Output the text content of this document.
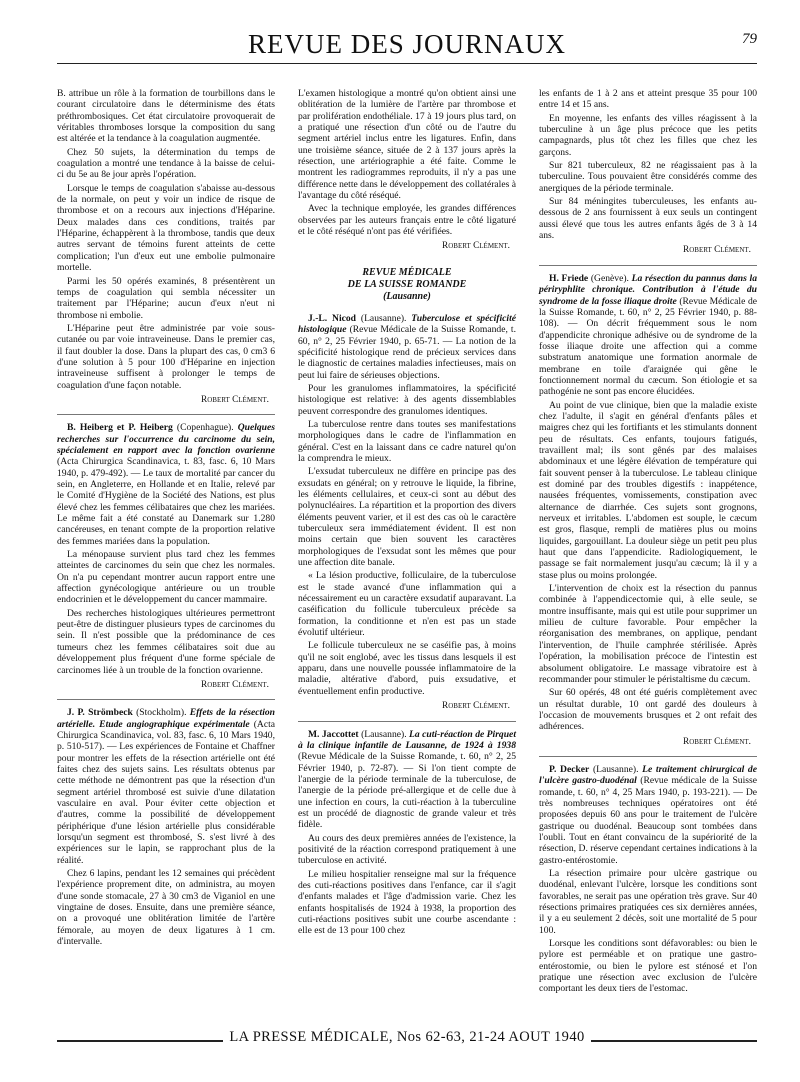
REVUE DES JOURNAUX	79

B. attribue un rôle à la formation de tourbillons dans le courant circulatoire dans le déterminisme des états préthrombosiques. Cet état circulatoire provoquerait de véritables thromboses lorsque la composition du sang est altérée et la tendance à la coagulation augmentée.

Chez 50 sujets, la détermination du temps de coagulation a montré une tendance à la baisse de celui-ci du 5e au 8e jour après l'opération.

Lorsque le temps de coagulation s'abaisse au-dessous de la normale, on peut y voir un indice de risque de thrombose et on a recours aux injections d'Héparine. Deux malades dans ces conditions, traités par l'Héparine, échappèrent à la thrombose, tandis que deux autres servant de témoins furent atteints de cette complication; l'un d'eux eut une embolie pulmonaire mortelle.

Parmi les 50 opérés examinés, 8 présentèrent un temps de coagulation qui sembla nécessiter un traitement par l'Héparine; aucun d'eux n'eut ni thrombose ni embolie.

L'Héparine peut être administrée par voie sous-cutanée ou par voie intraveineuse. Dans le premier cas, il faut doubler la dose. Dans la plupart des cas, 0 cm3 6 d'une solution à 5 pour 100 d'Héparine en injection intraveineuse suffisent à prolonger le temps de coagulation d'une façon notable.

Robert Clément.

B. Heiberg et P. Heiberg (Copenhague). Quelques recherches sur l'occurrence du carcinome du sein, spécialement en rapport avec la fonction ovarienne (Acta Chirurgica Scandinavica, t. 83, fasc. 6, 10 Mars 1940, p. 479-492). — Le taux de mortalité par cancer du sein, en Angleterre, en Hollande et en Italie, relevé par le Comité d'Hygiène de la Société des Nations, est plus élevé chez les femmes célibataires que chez les mariées. Le même fait a été constaté au Danemark sur 1.280 cancéreuses, en tenant compte de la proportion relative des femmes mariées dans la population.

La ménopause survient plus tard chez les femmes atteintes de carcinomes du sein que chez les normales. On n'a pu cependant montrer aucun rapport entre une affection gynécologique antérieure ou un trouble endocrinien et le développement du cancer mammaire.

Des recherches histologiques ultérieures permettront peut-être de distinguer plusieurs types de carcinomes du sein. Il n'est possible que la prédominance de ces tumeurs chez les femmes célibataires soit due au développement plus fréquent d'une forme spéciale de carcinomes liée à un trouble de la fonction ovarienne.

Robert Clément.

J. P. Strömbeck (Stockholm). Effets de la résection artérielle. Etude angiographique expérimentale (Acta Chirurgica Scandinavica, vol. 83, fasc. 6, 10 Mars 1940, p. 510-517). — Les expériences de Fontaine et Chaffner pour montrer les effets de la résection artérielle ont été faites chez des sujets sains. Les résultats obtenus par cette méthode ne démontrent pas que la résection d'un segment artériel thrombosé est suivie d'une dilatation vasculaire en aval. Pour éviter cette objection et d'autres, comme la possibilité de développement périphérique d'une lésion artérielle plus considérable lorsqu'un segment est thrombosé, S. s'est livré à des expériences sur le lapin, se rapprochant plus de la réalité.

Chez 6 lapins, pendant les 12 semaines qui précèdent l'expérience proprement dite, on administra, au moyen d'une sonde stomacale, 27 à 30 cm3 de Viganiol en une vingtaine de doses. Ensuite, dans une première séance, on a provoqué une oblitération limitée de l'artère fémorale, au moyen de deux ligatures à 1 cm. d'intervalle.

L'examen histologique a montré qu'on obtient ainsi une oblitération de la lumière de l'artère par thrombose et par prolifération endothéliale. 17 à 19 jours plus tard, on a pratiqué une résection d'un côté ou de l'autre du segment artériel inclus entre les ligatures. Enfin, dans une troisième séance, située de 2 à 137 jours après la résection, une artériographie a été faite. Comme le montrent les radiogrammes reproduits, il n'y a pas une différence nette dans le développement des collatérales à l'avantage du côté réséqué.

Avec la technique employée, les grandes différences observées par les auteurs français entre le côté ligaturé et le côté réséqué n'ont pas été vérifiées.

Robert Clément.

REVUE MÉDICALE
DE LA SUISSE ROMANDE
(Lausanne)

J.-L. Nicod (Lausanne). Tuberculose et spécificité histologique (Revue Médicale de la Suisse Romande, t. 60, n° 2, 25 Février 1940, p. 65-71. — La notion de la spécificité histologique rend de précieux services dans le diagnostic de certaines maladies infectieuses, mais on peut lui faire de sérieuses objections.

Pour les granulomes inflammatoires, la spécificité histologique est relative: à des agents dissemblables peuvent correspondre des granulomes identiques.

La tuberculose rentre dans toutes ses manifestations morphologiques dans le cadre de l'inflammation en général. C'est en la laissant dans ce cadre naturel qu'on la comprendra le mieux.

L'exsudat tuberculeux ne diffère en principe pas des exsudats en général; on y retrouve le liquide, la fibrine, les éléments cellulaires, et ceux-ci sont au début des polynucléaires. La répartition et la proportion des divers éléments peuvent varier, et il est des cas où le caractère tuberculeux sera immédiatement évident. Il est non moins certain que bien souvent les caractères morphologiques de l'exsudat sont les mêmes que pour une affection dite banale.

« La lésion productive, folliculaire, de la tuberculose est le stade avancé d'une inflammation qui a nécessairement eu un caractère exsudatif auparavant. La caséification du follicule tuberculeux précède sa formation, la conditionne et n'en est pas un stade évolutif ultérieur.

Le follicule tuberculeux ne se caséifie pas, à moins qu'il ne soit englobé, avec les tissus dans lesquels il est apparu, dans une nouvelle poussée inflammatoire de la maladie, altérative d'abord, puis exsudative, et éventuellement enfin productive.

Robert Clément.

M. Jaccottet (Lausanne). La cuti-réaction de Pirquet à la clinique infantile de Lausanne, de 1924 à 1938 (Revue Médicale de la Suisse Romande, t. 60, n° 2, 25 Février 1940, p. 72-87). — Si l'on tient compte de l'anergie de la période terminale de la tuberculose, de l'anergie de la période pré-allergique et de celle due à une infection en cours, la cuti-réaction à la tuberculine est un procédé de diagnostic de grande valeur et très fidèle.

Au cours des deux premières années de l'existence, la positivité de la réaction correspond pratiquement à une tuberculose en activité.

Le milieu hospitalier renseigne mal sur la fréquence des cuti-réactions positives dans l'enfance, car il s'agit d'enfants malades et l'âge d'admission varie. Chez les enfants hospitalisés de 1924 à 1938, la proportion des cuti-réactions positives subit une courbe ascendante : elle est de 13 pour 100 chez

les enfants de 1 à 2 ans et atteint presque 35 pour 100 entre 14 et 15 ans.

En moyenne, les enfants des villes réagissent à la tuberculine à un âge plus précoce que les petits campagnards, plus tôt chez les filles que chez les garçons.

Sur 821 tuberculeux, 82 ne réagissaient pas à la tuberculine. Tous pouvaient être considérés comme des anergiques de la période terminale.

Sur 84 méningites tuberculeuses, les enfants au-dessous de 2 ans fournissent à eux seuls un contingent aussi élevé que tous les autres enfants âgés de 3 à 14 ans.

Robert Clément.

H. Friede (Genève). La résection du pannus dans la périryphlite chronique. Contribution à l'étude du syndrome de la fosse iliaque droite (Revue Médicale de la Suisse Romande, t. 60, n° 2, 25 Février 1940, p. 88-108). — On décrit fréquemment sous le nom d'appendicite chronique adhésive ou de syndrome de la fosse iliaque droite une affection qui a comme substratum anatomique une formation anormale de membrane en toile d'araignée qui gêne le fonctionnement normal du cæcum. Son étiologie et sa pathogénie ne sont pas encore élucidées.

Au point de vue clinique, bien que la maladie existe chez l'adulte, il s'agit en général d'enfants pâles et maigres chez qui les fortifiants et les stimulants donnent peu de résultats. Ces enfants, toujours fatigués, travaillent mal; ils sont gênés par des malaises abdominaux et une légère élévation de température qui fait souvent penser à la tuberculose. Le tableau clinique est dominé par des troubles digestifs : inappétence, nausées fréquentes, vomissements, constipation avec alternance de diarrhée. Ces sujets sont grognons, nerveux et irritables. L'abdomen est souple, le cæcum est gros, flasque, rempli de matières plus ou moins liquides, gargouillant. La douleur siège un petit peu plus haut que dans l'appendicite. Radiologiquement, le passage se fait normalement jusqu'au cæcum; là il y a stase plus ou moins prolongée.

L'intervention de choix est la résection du pannus combinée à l'appendicectomie qui, à elle seule, se montre insuffisante, mais qui est utile pour supprimer un milieu de culture favorable. Pour empêcher la réorganisation des membranes, on applique, pendant l'intervention, de l'huile camphrée stérilisée. Après l'opération, la mobilisation précoce de l'intestin est absolument obligatoire. Le massage vibratoire est à recommander pour stimuler le péristaltisme du cæcum.

Sur 60 opérés, 48 ont été guéris complètement avec un résultat durable, 10 ont gardé des douleurs à l'occasion de mouvements brusques et 2 ont refait des adhérences.

Robert Clément.

P. Decker (Lausanne). Le traitement chirurgical de l'ulcère gastro-duodénal (Revue médicale de la Suisse romande, t. 60, n° 4, 25 Mars 1940, p. 193-221). — De très nombreuses techniques opératoires ont été proposées depuis 60 ans pour le traitement de l'ulcère gastrique ou duodénal. Beaucoup sont tombées dans l'oubli. Tout en étant convaincu de la supériorité de la résection, D. réserve cependant certaines indications à la gastro-entérostomie.

La résection primaire pour ulcère gastrique ou duodénal, enlevant l'ulcère, lorsque les conditions sont favorables, ne serait pas une opération très grave. Sur 40 résections primaires pratiquées ces six dernières années, il y a eu seulement 2 décès, soit une mortalité de 5 pour 100.

Lorsque les conditions sont défavorables: ou bien le pylore est perméable et on pratique une gastro-entérostomie, ou bien le pylore est sténosé et l'on pratique une résection avec exclusion de l'ulcère comportant les deux tiers de l'estomac.

LA PRESSE MÉDICALE, Nos 62-63, 21-24 AOUT 1940
